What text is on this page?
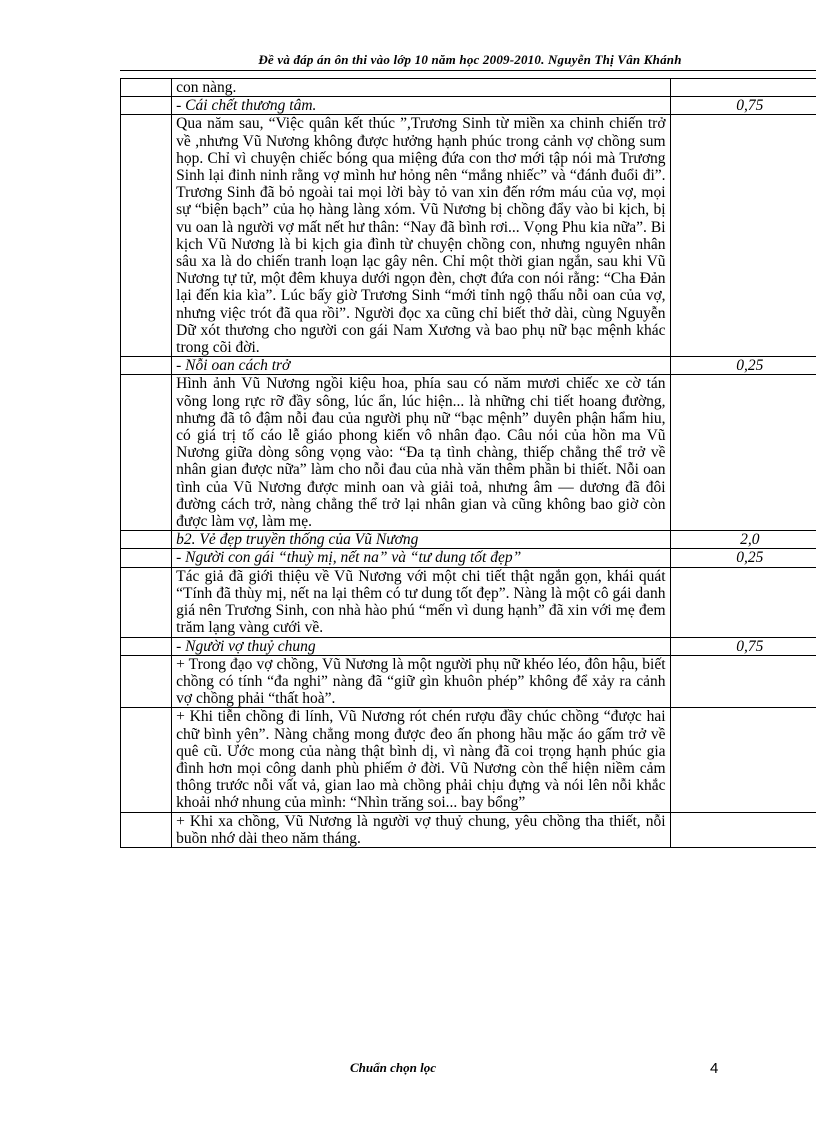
Đề và đáp án ôn thi vào lớp 10 năm học 2009-2010. Nguyễn Thị Vân Khánh
	con nàng.	
	- Cái chết thương tâm.	0,75
	Qua năm sau, “Việc quân kết thúc ”,Trương Sinh từ miền xa chinh chiến trở về ,nhưng Vũ Nương không được hưởng hạnh phúc trong cảnh vợ chồng sum họp. Chỉ vì chuyện chiếc bóng qua miệng đứa con thơ mới tập nói mà Trương Sinh lại đinh ninh rằng vợ mình hư hỏng nên “mắng nhiếc” và “đánh đuổi đi”. Trương Sinh đã bỏ ngoài tai mọi lời bày tỏ van xin đến rớm máu của vợ, mọi sự “biện bạch” của họ hàng làng xóm. Vũ Nương bị chồng đẩy vào bi kịch, bị vu oan là người vợ mất nết hư thân: “Nay đã bình rơi... Vọng Phu kia nữa”. Bi kịch Vũ Nương là bi kịch gia đình từ chuyện chồng con, nhưng nguyên nhân sâu xa là do chiến tranh loạn lạc gây nên. Chỉ một thời gian ngắn, sau khi Vũ Nương tự tử, một đêm khuya dưới ngọn đèn, chợt đứa con nói rằng: “Cha Đản lại đến kia kìa”. Lúc bấy giờ Trương Sinh “mới tỉnh ngộ thấu nỗi oan của vợ, nhưng việc trót đã qua rồi”. Người đọc xa cũng chỉ biết thở dài, cùng Nguyễn Dữ xót thương cho người con gái Nam Xương và bao phụ nữ bạc mệnh khác trong cõi đời.	
	- Nỗi oan cách trở	0,25
	Hình ảnh Vũ Nương ngồi kiệu hoa, phía sau có năm mươi chiếc xe cờ tán võng long rực rỡ đầy sông, lúc ẩn, lúc hiện... là những chi tiết hoang đường, nhưng đã tô đậm nỗi đau của người phụ nữ “bạc mệnh” duyên phận hẩm hiu, có giá trị tố cáo lễ giáo phong kiến vô nhân đạo. Câu nói của hồn ma Vũ Nương giữa dòng sông vọng vào: “Đa tạ tình chàng, thiếp chẳng thể trở về nhân gian được nữa” làm cho nỗi đau của nhà văn thêm phần bi thiết. Nỗi oan tình của Vũ Nương được minh oan và giải toả, nhưng âm — dương đã đôi đường cách trở, nàng chẳng thể trở lại nhân gian và cũng không bao giờ còn được làm vợ, làm mẹ.	
	b2. Vẻ đẹp truyền thống của Vũ Nương	2,0
	- Người con gái “thuỳ mị, nết na” và “tư dung tốt đẹp”	0,25
	Tác giả đã giới thiệu về Vũ Nương với một chi tiết thật ngắn gọn, khái quát “Tính đã thùy mị, nết na lại thêm có tư dung tốt đẹp”. Nàng là một cô gái danh giá nên Trương Sinh, con nhà hào phú “mến vì dung hạnh” đã xin với mẹ đem trăm lạng vàng cưới về.	
	- Người vợ thuỷ chung	0,75
	+ Trong đạo vợ chồng, Vũ Nương là một người phụ nữ khéo léo, đôn hậu, biết chồng có tính “đa nghi” nàng đã “giữ gìn khuôn phép” không để xảy ra cảnh vợ chồng phải “thất hoà”.	
	+ Khi tiễn chồng đi lính, Vũ Nương rót chén rượu đầy chúc chồng “được hai chữ bình yên”. Nàng chẳng mong được đeo ấn phong hầu mặc áo gấm trở về quê cũ. Ước mong của nàng thật bình dị, vì nàng đã coi trọng hạnh phúc gia đình hơn mọi công danh phù phiếm ở đời. Vũ Nương còn thể hiện niềm cảm thông trước nỗi vất vả, gian lao mà chồng phải chịu đựng và nói lên nỗi khắc khoải nhớ nhung của mình: “Nhìn trăng soi... bay bổng”	
	+ Khi xa chồng, Vũ Nương là người vợ thuỷ chung, yêu chồng tha thiết, nỗi buồn nhớ dài theo năm tháng.	
Chuẩn chọn lọc	4
